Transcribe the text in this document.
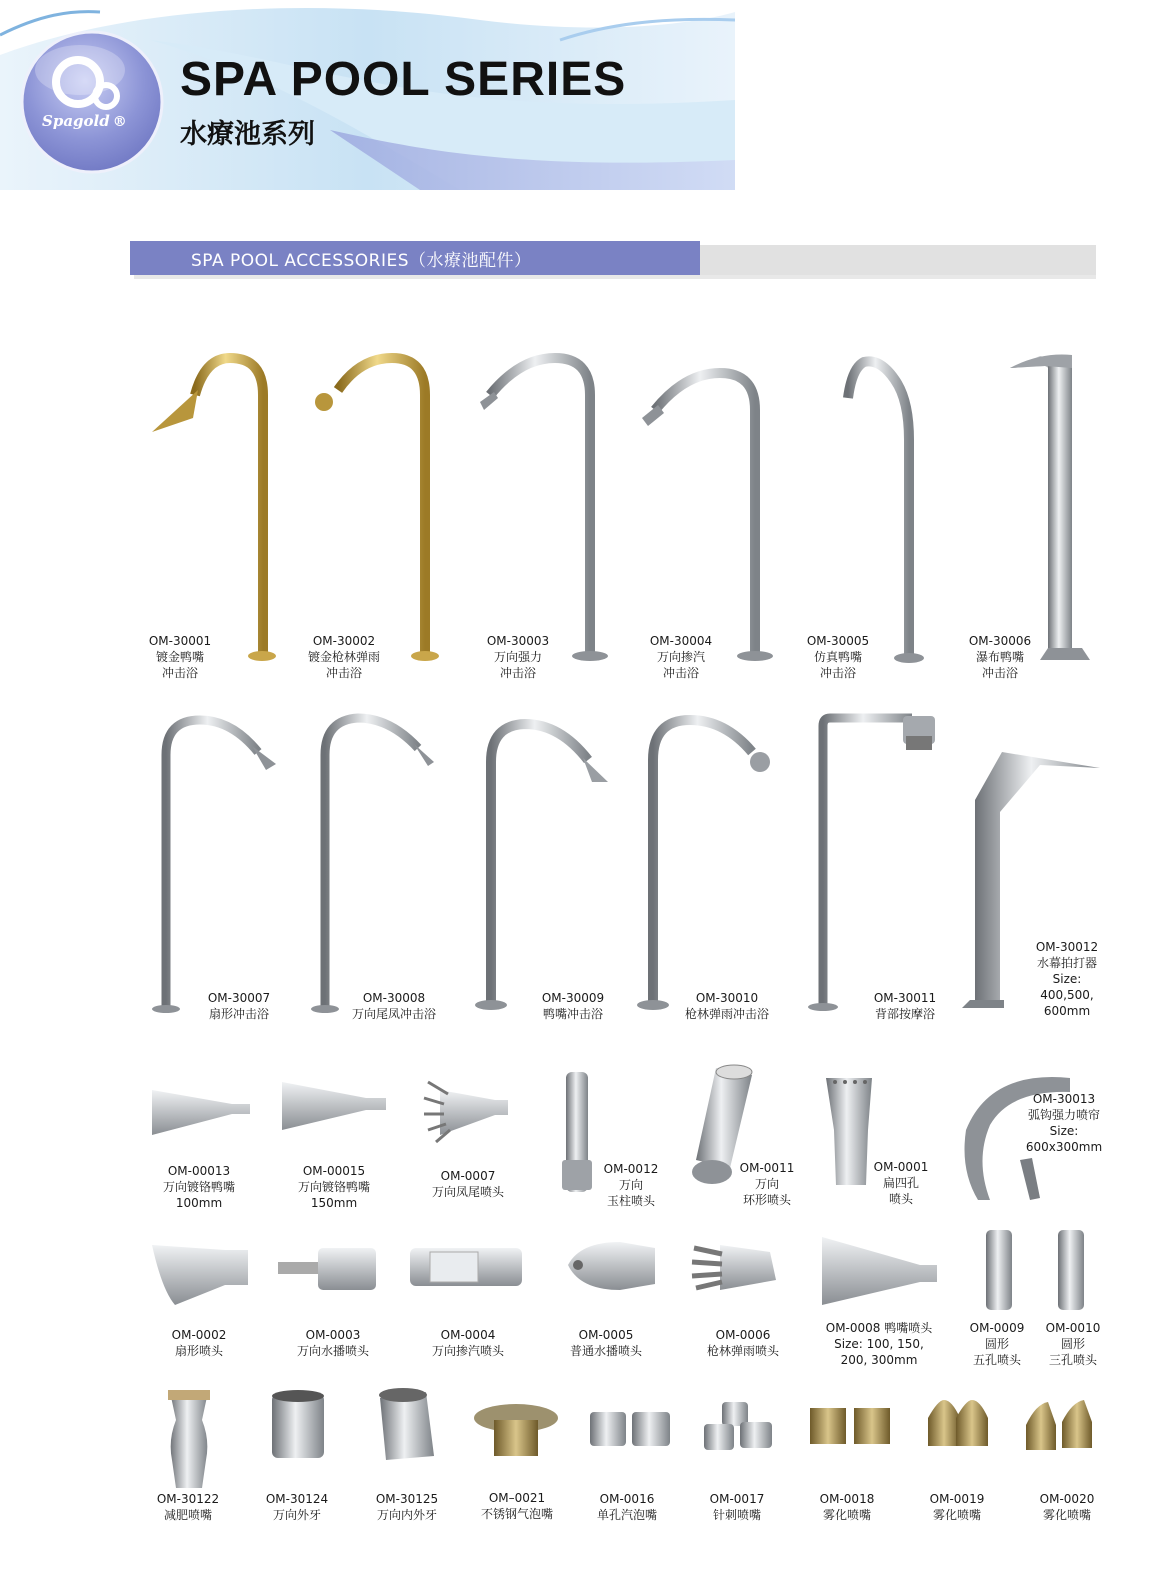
SPA POOL SERIES
水療池系列
Spagold ®
SPA POOL ACCESSORIES（水療池配件）
OM-30001
镀金鸭嘴
冲击浴
OM-30002
镀金枪林弹雨
冲击浴
OM-30003
万向强力
冲击浴
OM-30004
万向掺汽
冲击浴
OM-30005
仿真鸭嘴
冲击浴
OM-30006
瀑布鸭嘴
冲击浴
OM-30007
扇形冲击浴
OM-30008
万向尾凤冲击浴
OM-30009
鸭嘴冲击浴
OM-30010
枪林弹雨冲击浴
OM-30011
背部按摩浴
OM-30012
水幕拍打器
Size:
400,500,
600mm
OM-00013
万向镀铬鸭嘴
100mm
OM-00015
万向镀铬鸭嘴
150mm
OM-0007
万向凤尾喷头
OM-0012
万向
玉柱喷头
OM-0011
万向
环形喷头
OM-0001
扁四孔
喷头
OM-30013
弧钩强力喷帘
Size:
600x300mm
OM-0002
扇形喷头
OM-0003
万向水播喷头
OM-0004
万向掺汽喷头
OM-0005
普通水播喷头
OM-0006
枪林弹雨喷头
OM-0008 鸭嘴喷头
Size: 100, 150,
200, 300mm
OM-0009
圆形
五孔喷头
OM-0010
圆形
三孔喷头
OM-30122
减肥喷嘴
OM-30124
万向外牙
OM-30125
万向内外牙
OM–0021
不锈钢气泡嘴
OM-0016
单孔汽泡嘴
OM-0017
针刺喷嘴
OM-0018
雾化喷嘴
OM-0019
雾化喷嘴
OM-0020
雾化喷嘴
